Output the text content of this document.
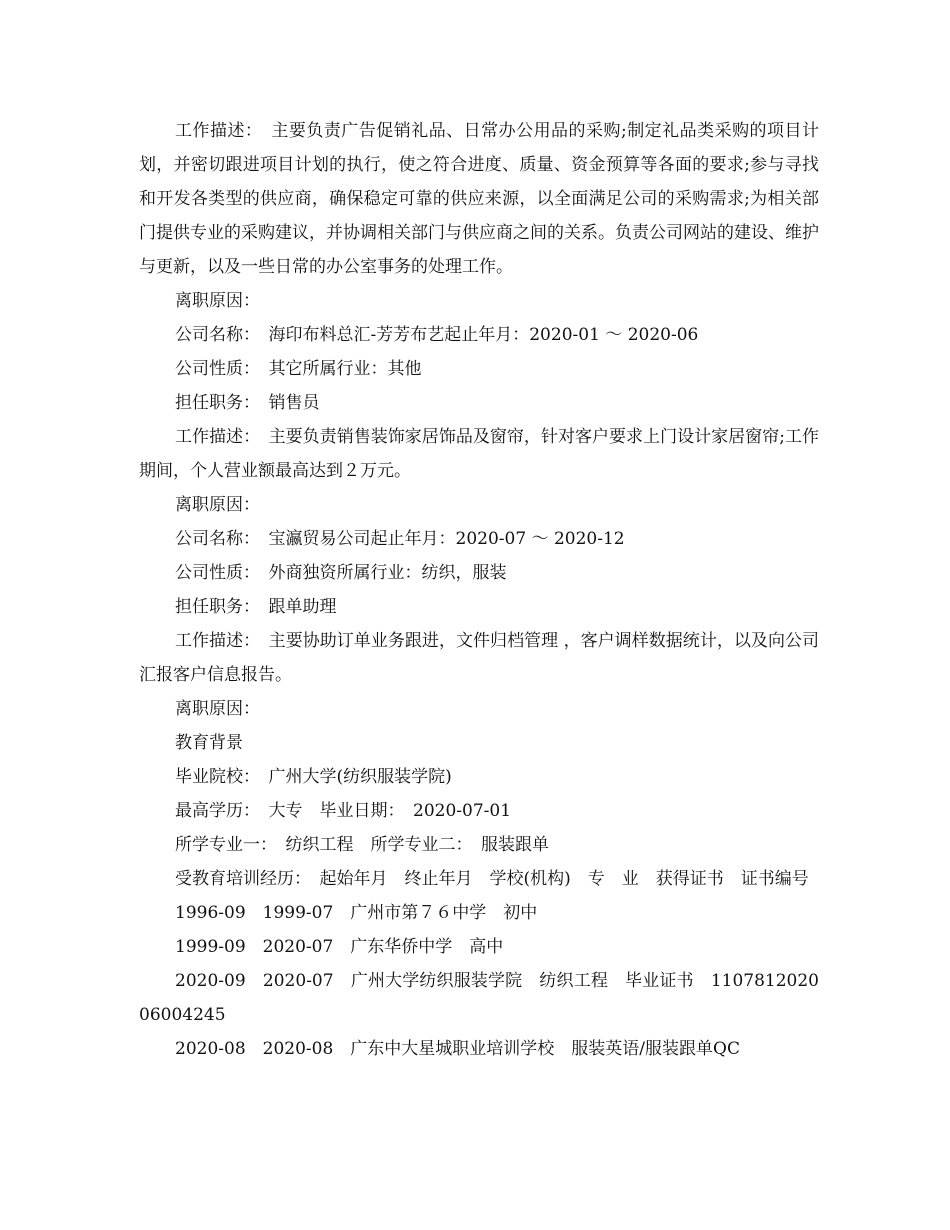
工作描述：　主要负责广告促销礼品、日常办公用品的采购;制定礼品类采购的项目计划，并密切跟进项目计划的执行，使之符合进度、质量、资金预算等各面的要求;参与寻找和开发各类型的供应商，确保稳定可靠的供应来源，以全面满足公司的采购需求;为相关部门提供专业的采购建议，并协调相关部门与供应商之间的关系。负责公司网站的建设、维护与更新，以及一些日常的办公室事务的处理工作。

离职原因：

公司名称：　海印布料总汇-芳芳布艺起止年月：2020-01 ～ 2020-06

公司性质：　其它所属行业：其他

担任职务：　销售员

工作描述：　主要负责销售装饰家居饰品及窗帘，针对客户要求上门设计家居窗帘;工作期间，个人营业额最高达到２万元。

离职原因：

公司名称：　宝瀛贸易公司起止年月：2020-07 ～ 2020-12

公司性质：　外商独资所属行业：纺织，服装

担任职务：　跟单助理

工作描述：　主要协助订单业务跟进，文件归档管理 ，客户调样数据统计，以及向公司汇报客户信息报告。

离职原因：

教育背景

毕业院校：　广州大学(纺织服装学院)

最高学历：　大专　毕业日期：　2020-07-01

所学专业一：　纺织工程　所学专业二：　服装跟单

受教育培训经历：　起始年月　终止年月　学校(机构)　专　业　获得证书　证书编号

1996-09　1999-07　广州市第７６中学　初中

1999-09　2020-07　广东华侨中学　高中

2020-09　2020-07　广州大学纺织服装学院　纺织工程　毕业证书　110781202006004245

2020-08　2020-08　广东中大星城职业培训学校　服装英语/服装跟单QC
